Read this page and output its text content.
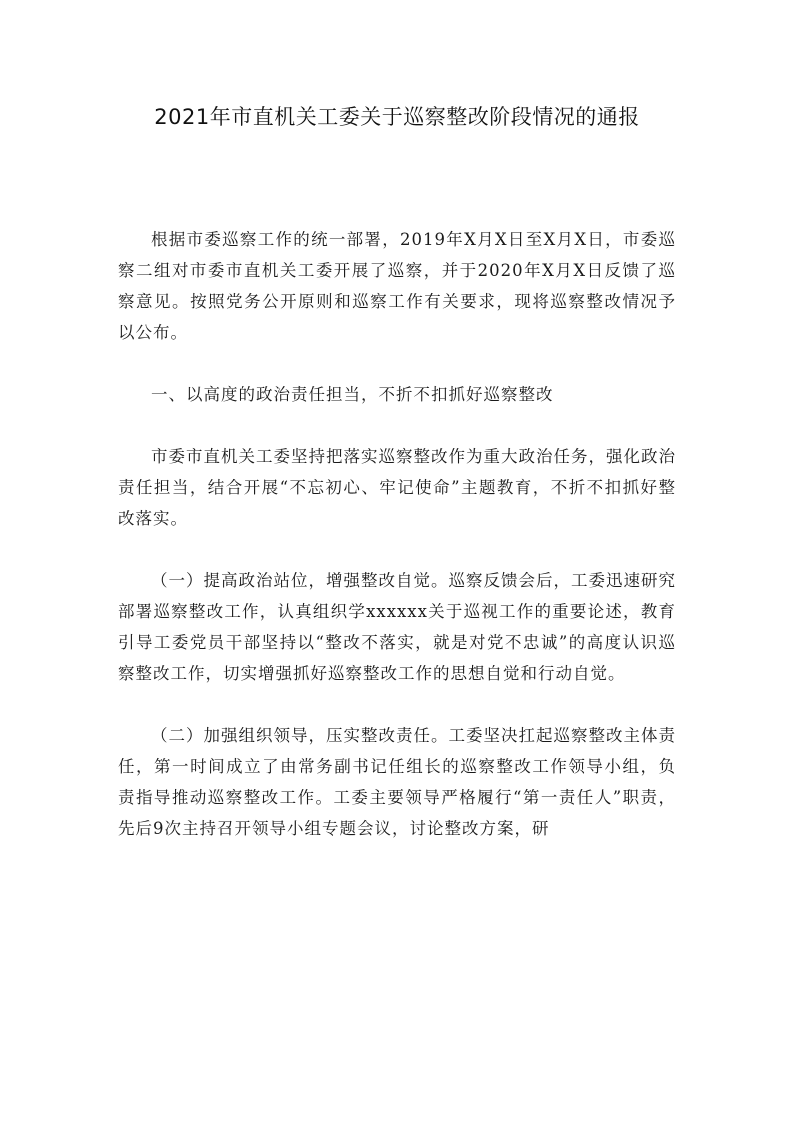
2021年市直机关工委关于巡察整改阶段情况的通报

根据市委巡察工作的统一部署，2019年X月X日至X月X日，市委巡察二组对市委市直机关工委开展了巡察，并于2020年X月X日反馈了巡察意见。按照党务公开原则和巡察工作有关要求，现将巡察整改情况予以公布。

一、以高度的政治责任担当，不折不扣抓好巡察整改

市委市直机关工委坚持把落实巡察整改作为重大政治任务，强化政治责任担当，结合开展“不忘初心、牢记使命”主题教育，不折不扣抓好整改落实。

（一）提高政治站位，增强整改自觉。巡察反馈会后，工委迅速研究部署巡察整改工作，认真组织学xxxxxx关于巡视工作的重要论述，教育引导工委党员干部坚持以“整改不落实，就是对党不忠诚”的高度认识巡察整改工作，切实增强抓好巡察整改工作的思想自觉和行动自觉。

（二）加强组织领导，压实整改责任。工委坚决扛起巡察整改主体责任，第一时间成立了由常务副书记任组长的巡察整改工作领导小组，负责指导推动巡察整改工作。工委主要领导严格履行“第一责任人”职责，先后9次主持召开领导小组专题会议，讨论整改方案，研
